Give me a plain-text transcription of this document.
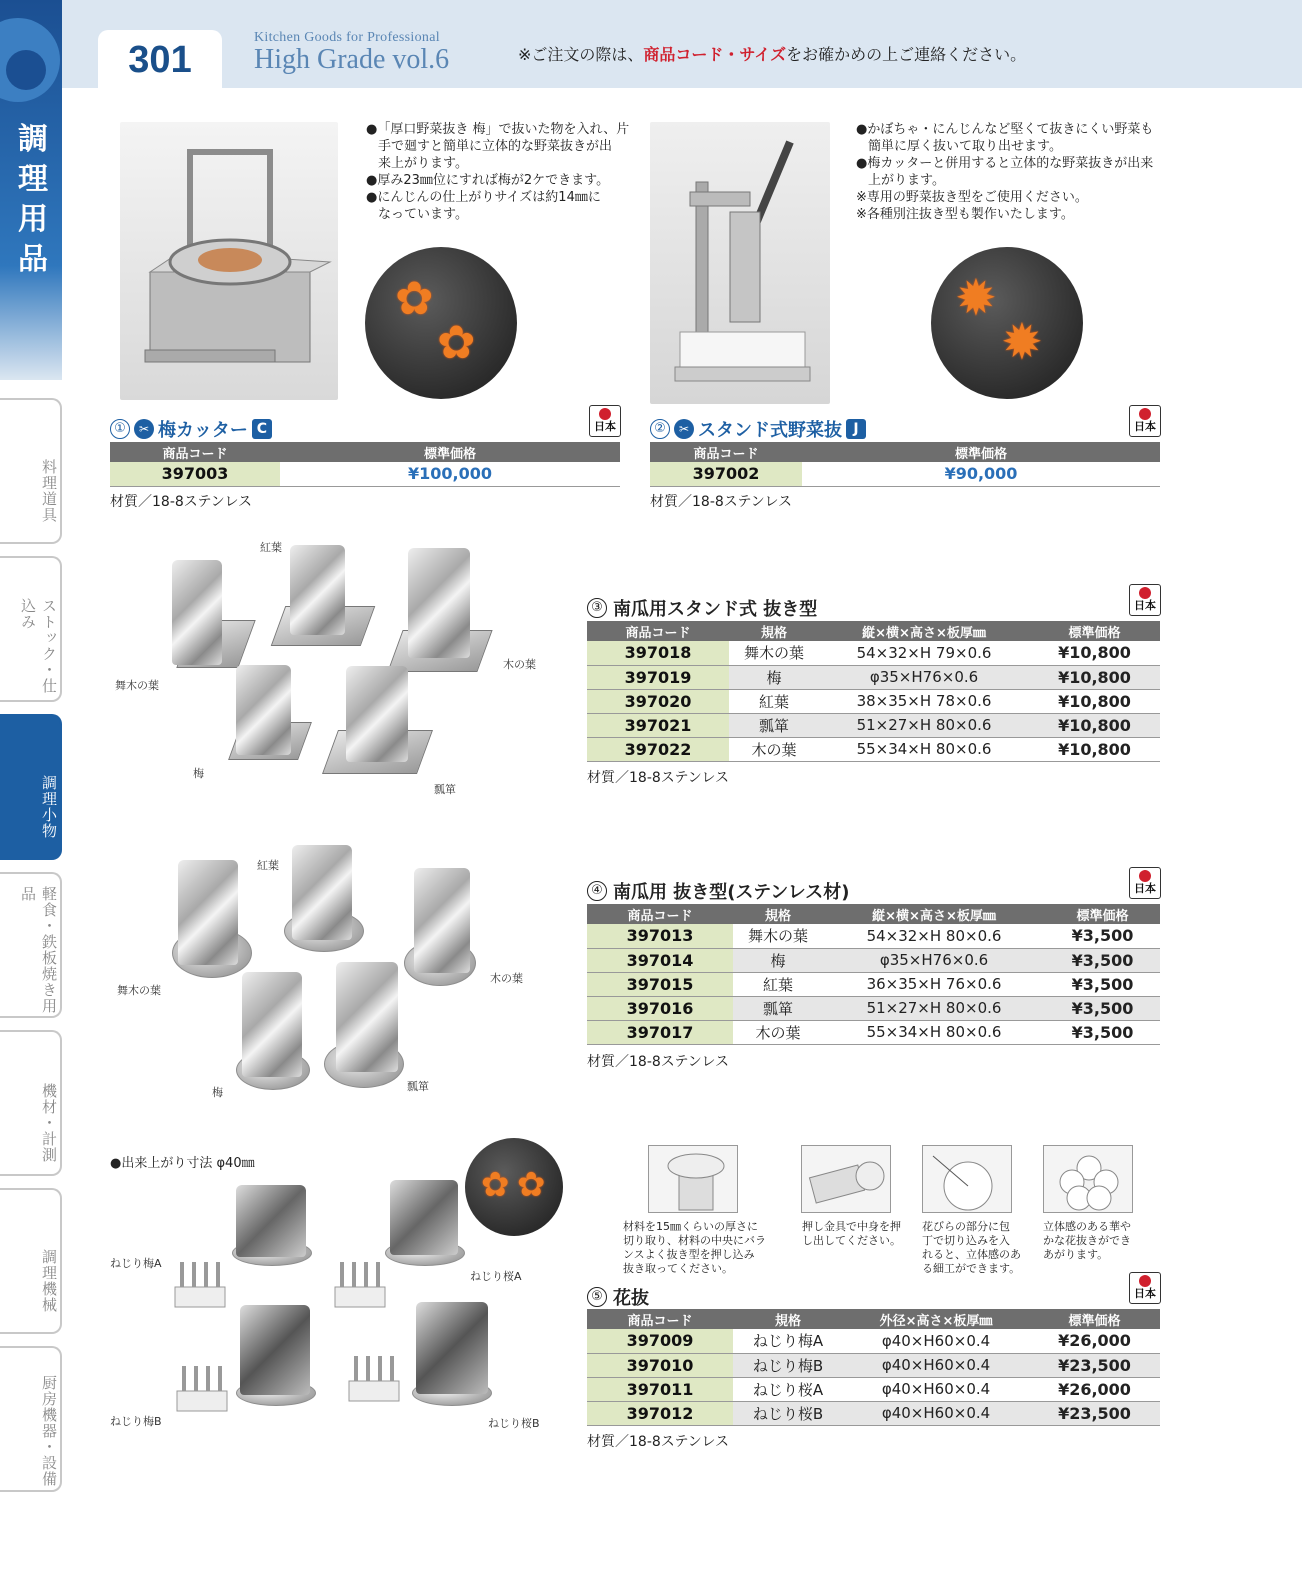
301
Kitchen Goods for Professional
High Grade vol.6	※ご注文の際は、商品コード・サイズをお確かめの上ご連絡ください。
調理用品
料理道具
ストック・仕込み
調理小物
軽食・鉄板焼き用品
機材・計測
調理機械
厨房機器・設備
●「厚口野菜抜き 梅」で抜いた物を入れ、片
手で廻すと簡単に立体的な野菜抜きが出
来上がります。
●厚み23㎜位にすれば梅が2ケできます。
●にんじんの仕上がりサイズは約14㎜に
なっています。
✿
✿
①	✂ 梅カッター C	日本
商品コード	標準価格
397003	¥100,000
材質／18-8ステンレス
●かぼちゃ・にんじんなど堅くて抜きにくい野菜も
簡単に厚く抜いて取り出せます。
●梅カッターと併用すると立体的な野菜抜きが出来
上がります。
※専用の野菜抜き型をご使用ください。
※各種別注抜き型も製作いたします。
✹
✹
②	✂ スタンド式野菜抜 J	日本
商品コード	標準価格
397002	¥90,000
材質／18-8ステンレス
紅葉
舞木の葉
梅
木の葉
瓢箪
③ 南瓜用スタンド式 抜き型	日本
商品コード	規格	縦×横×高さ×板厚㎜	標準価格
397018	舞木の葉	54×32×H 79×0.6	¥10,800
397019	梅	φ35×H76×0.6	¥10,800
397020	紅葉	38×35×H 78×0.6	¥10,800
397021	瓢箪	51×27×H 80×0.6	¥10,800
397022	木の葉	55×34×H 80×0.6	¥10,800
材質／18-8ステンレス
紅葉
舞木の葉
梅
木の葉
瓢箪
④ 南瓜用 抜き型(ステンレス材)	日本
商品コード	規格	縦×横×高さ×板厚㎜	標準価格
397013	舞木の葉	54×32×H 80×0.6	¥3,500
397014	梅	φ35×H76×0.6	¥3,500
397015	紅葉	36×35×H 76×0.6	¥3,500
397016	瓢箪	51×27×H 80×0.6	¥3,500
397017	木の葉	55×34×H 80×0.6	¥3,500
材質／18-8ステンレス
●出来上がり寸法 φ40㎜
✿ ✿
ねじり梅A
ねじり桜A
ねじり梅B	ねじり桜B
材料を15㎜くらいの厚さに
切り取り、材料の中央にバラ
ンスよく抜き型を押し込み
抜き取ってください。
押し金具で中身を押
し出してください。
花びらの部分に包
丁で切り込みを入
れると、立体感のあ
る細工ができます。
立体感のある華や
かな花抜きができ
あがります。
⑤ 花抜	日本
商品コード	規格	外径×高さ×板厚㎜	標準価格
397009	ねじり梅A	φ40×H60×0.4	¥26,000
397010	ねじり梅B	φ40×H60×0.4	¥23,500
397011	ねじり桜A	φ40×H60×0.4	¥26,000
397012	ねじり桜B	φ40×H60×0.4	¥23,500
材質／18-8ステンレス
